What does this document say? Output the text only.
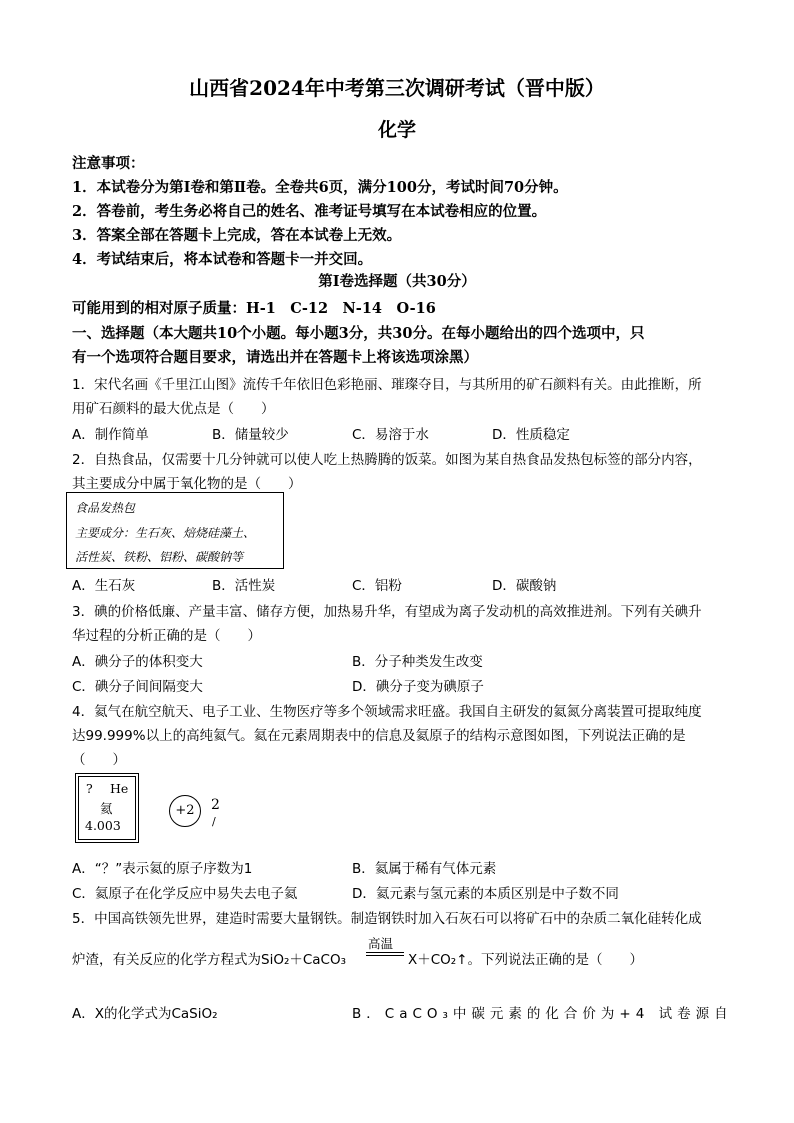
山西省2024年中考第三次调研考试（晋中版）
化学
注意事项：
1．本试卷分为第Ⅰ卷和第Ⅱ卷。全卷共6页，满分100分，考试时间70分钟。
2．答卷前，考生务必将自己的姓名、准考证号填写在本试卷相应的位置。
3．答案全部在答题卡上完成，答在本试卷上无效。
4．考试结束后，将本试卷和答题卡一并交回。
第Ⅰ卷选择题（共30分）
可能用到的相对原子质量：H-1　C-12　N-14　O-16
一、选择题（本大题共10个小题。每小题3分，共30分。在每小题给出的四个选项中，只
有一个选项符合题目要求，请选出并在答题卡上将该选项涂黑）
1．宋代名画《千里江山图》流传千年依旧色彩艳丽、璀璨夺目，与其所用的矿石颜料有关。由此推断，所
用矿石颜料的最大优点是（　　）
A．制作简单	B．储量较少	C．易溶于水	D．性质稳定
2．自热食品，仅需要十几分钟就可以使人吃上热腾腾的饭菜。如图为某自热食品发热包标签的部分内容，
其主要成分中属于氧化物的是（　　）
食品发热包
主要成分：生石灰、焙烧硅藻土、
活性炭、铁粉、铝粉、碳酸钠等
A．生石灰	B．活性炭	C．铝粉	D．碳酸钠
3．碘的价格低廉、产量丰富、储存方便，加热易升华，有望成为离子发动机的高效推进剂。下列有关碘升
华过程的分析正确的是（　　）
A．碘分子的体积变大	B．分子种类发生改变
C．碘分子间间隔变大	D．碘分子变为碘原子
4．氦气在航空航天、电子工业、生物医疗等多个领域需求旺盛。我国自主研发的氦氮分离装置可提取纯度
达99.999%以上的高纯氦气。氦在元素周期表中的信息及氦原子的结构示意图如图，下列说法正确的是
（　　）
? He
氦
4.003
+2	2
/
A．“？”表示氦的原子序数为1	B．氦属于稀有气体元素
C．氦原子在化学反应中易失去电子氦	D．氦元素与氢元素的本质区别是中子数不同
5．中国高铁领先世界，建造时需要大量钢铁。制造钢铁时加入石灰石可以将矿石中的杂质二氧化硅转化成
炉渣，有关反应的化学方程式为SiO₂＋CaCO₃
高温
X＋CO₂↑。下列说法正确的是（　　）
A．X的化学式为CaSiO₂	B．CaCO₃中碳元素的化合价为+4 试卷源自
